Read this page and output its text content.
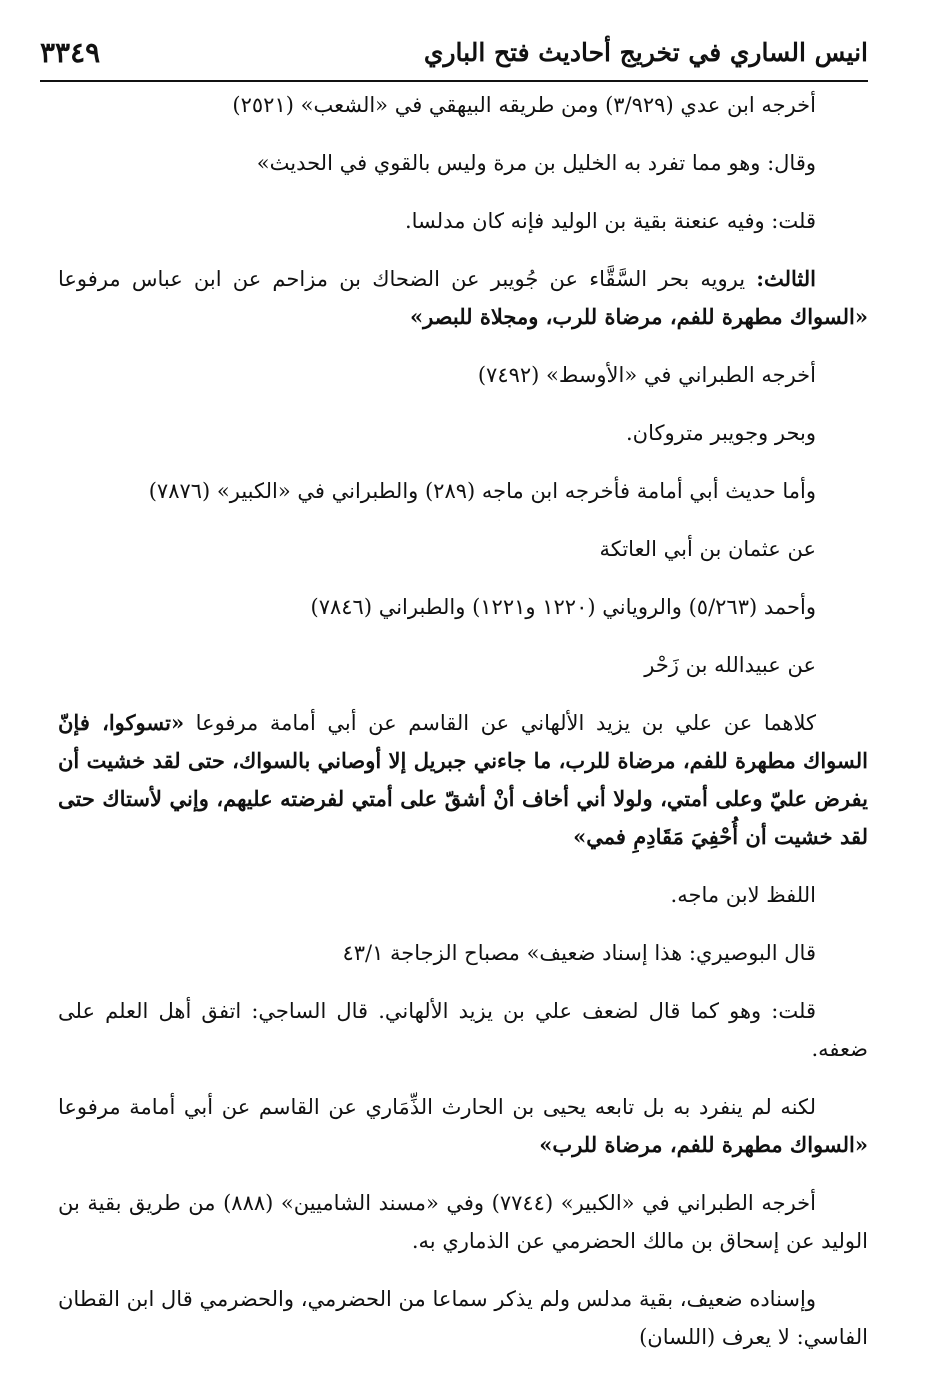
انيس الساري في تخريج أحاديث فتح الباري
٣٣٤٩

أخرجه ابن عدي (٣/٩٢٩) ومن طريقه البيهقي في «الشعب» (٢٥٢١)

وقال: وهو مما تفرد به الخليل بن مرة وليس بالقوي في الحديث»

قلت: وفيه عنعنة بقية بن الوليد فإنه كان مدلسا.

الثالث: يرويه بحر السَّقَّاء عن جُويبر عن الضحاك بن مزاحم عن ابن عباس مرفوعا «السواك مطهرة للفم، مرضاة للرب، ومجلاة للبصر»

أخرجه الطبراني في «الأوسط» (٧٤٩٢)

وبحر وجويبر متروكان.

وأما حديث أبي أمامة فأخرجه ابن ماجه (٢٨٩) والطبراني في «الكبير» (٧٨٧٦)

عن عثمان بن أبي العاتكة

وأحمد (٥/٢٦٣) والروياني (١٢٢٠ و١٢٢١) والطبراني (٧٨٤٦)

عن عبيدالله بن زَحْر

كلاهما عن علي بن يزيد الألهاني عن القاسم عن أبي أمامة مرفوعا «تسوكوا، فإنّ السواك مطهرة للفم، مرضاة للرب، ما جاءني جبريل إلا أوصاني بالسواك، حتى لقد خشيت أن يفرض عليّ وعلى أمتي، ولولا أني أخاف أنْ أشقّ على أمتي لفرضته عليهم، وإني لأستاك حتى لقد خشيت أن أُحْفِيَ مَقَادِمِ فمي»

اللفظ لابن ماجه.

قال البوصيري: هذا إسناد ضعيف» مصباح الزجاجة ٤٣/١

قلت: وهو كما قال لضعف علي بن يزيد الألهاني. قال الساجي: اتفق أهل العلم على ضعفه.

لكنه لم ينفرد به بل تابعه يحيى بن الحارث الذِّمَاري عن القاسم عن أبي أمامة مرفوعا «السواك مطهرة للفم، مرضاة للرب»

أخرجه الطبراني في «الكبير» (٧٧٤٤) وفي «مسند الشاميين» (٨٨٨) من طريق بقية بن الوليد عن إسحاق بن مالك الحضرمي عن الذماري به.

وإسناده ضعيف، بقية مدلس ولم يذكر سماعا من الحضرمي، والحضرمي قال ابن القطان الفاسي: لا يعرف (اللسان)
